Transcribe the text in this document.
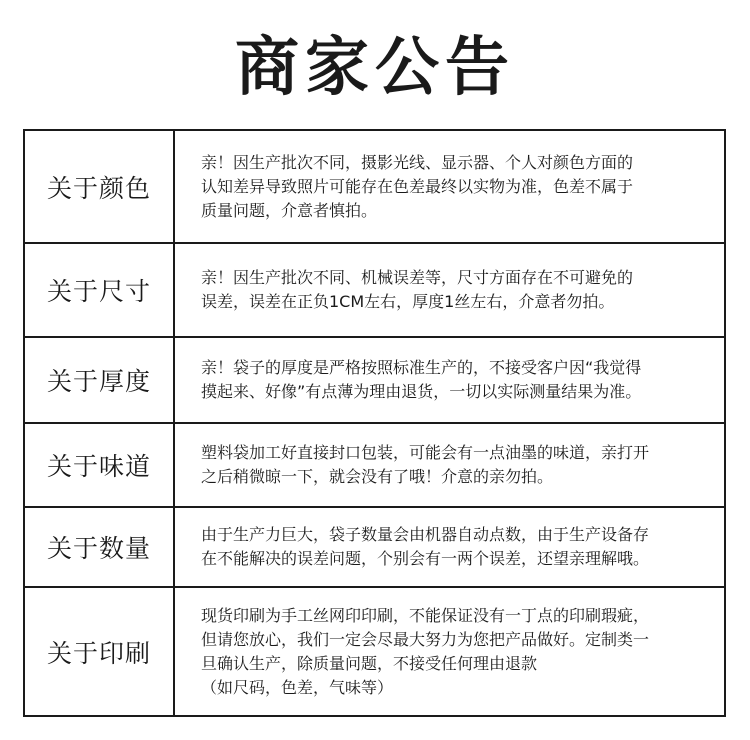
商家公告
关于颜色	亲！因生产批次不同，摄影光线、显示器、个人对颜色方面的
认知差异导致照片可能存在色差最终以实物为准，色差不属于
质量问题，介意者慎拍。

关于尺寸	亲！因生产批次不同、机械误差等，尺寸方面存在不可避免的
误差，误差在正负1CM左右，厚度1丝左右，介意者勿拍。

关于厚度	亲！袋子的厚度是严格按照标准生产的，不接受客户因“我觉得
摸起来、好像”有点薄为理由退货，一切以实际测量结果为准。

关于味道	塑料袋加工好直接封口包装，可能会有一点油墨的味道，亲打开
之后稍微晾一下，就会没有了哦！介意的亲勿拍。

关于数量	由于生产力巨大，袋子数量会由机器自动点数，由于生产设备存
在不能解决的误差问题，个别会有一两个误差，还望亲理解哦。

关于印刷	现货印刷为手工丝网印印刷，不能保证没有一丁点的印刷瑕疵，
但请您放心，我们一定会尽最大努力为您把产品做好。定制类一
旦确认生产，除质量问题，不接受任何理由退款
（如尺码，色差，气味等）
